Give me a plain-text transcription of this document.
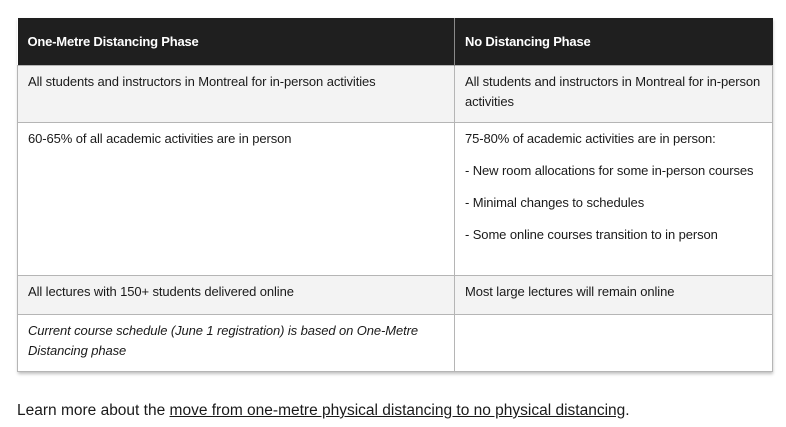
One-Metre Distancing Phase	No Distancing Phase

All students and instructors in Montreal for in-person activities	All students and instructors in Montreal for in-person activities

60-65% of all academic activities are in person	75-80% of academic activities are in person:

- New room allocations for some in-person courses

- Minimal changes to schedules

- Some online courses transition to in person

All lectures with 150+ students delivered online	Most large lectures will remain online

Current course schedule (June 1 registration) is based on One-Metre Distancing phase	

Learn more about the move from one-metre physical distancing to no physical distancing.
